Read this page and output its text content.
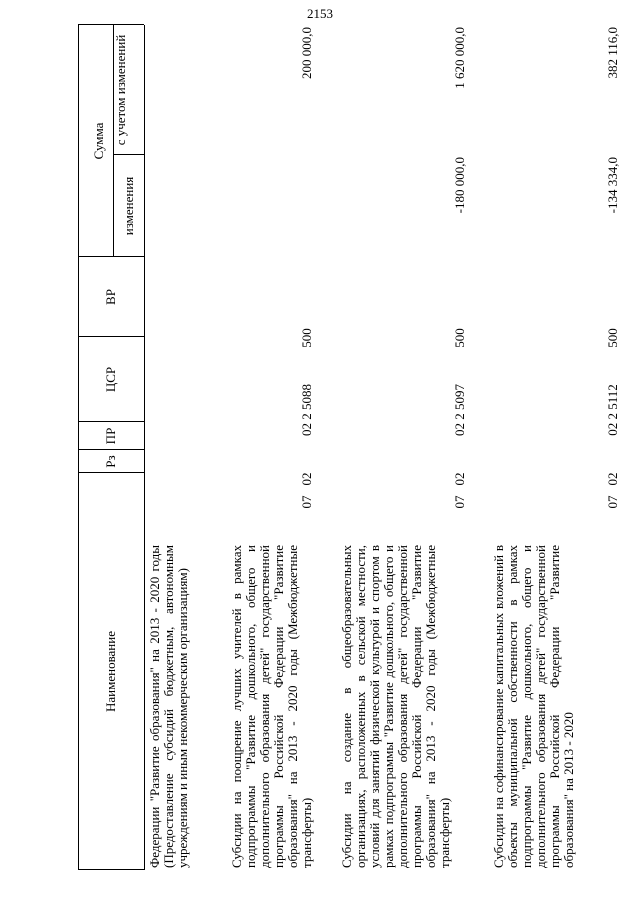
2153
Наименование
Рз
ПР
ЦСР
ВР
Сумма
изменения
с учетом изменений
Федерации "Развитие образования" на 2013 - 2020 годы (Предоставление субсидий бюджетным, автономным учреждениям и иным некоммерческим организациям)	Субсидии на поощрение лучших учителей в рамках подпрограммы "Развитие дошкольного, общего и дополнительного образования детей" государственной программы Российской Федерации "Развитие образования" на 2013 - 2020 годы (Межбюджетные трансферты)
07
02
02 2 5088
500
200 000,0
Субсидии на создание в общеобразовательных организациях, расположенных в сельской местности, условий для занятий физической культурой и спортом в рамках подпрограммы "Развитие дошкольного, общего и дополнительного образования детей" государственной программы Российской Федерации "Развитие образования" на 2013 - 2020 годы (Межбюджетные трансферты)
07
02
02 2 5097
500
-180 000,0
1 620 000,0
Субсидии на софинансирование капитальных вложений в объекты муниципальной собственности в рамках подпрограммы "Развитие дошкольного, общего и дополнительного образования детей" государственной программы Российской Федерации "Развитие образования" на 2013 - 2020
07
02
02 2 5112
500
-134 334,0
382 116,0
